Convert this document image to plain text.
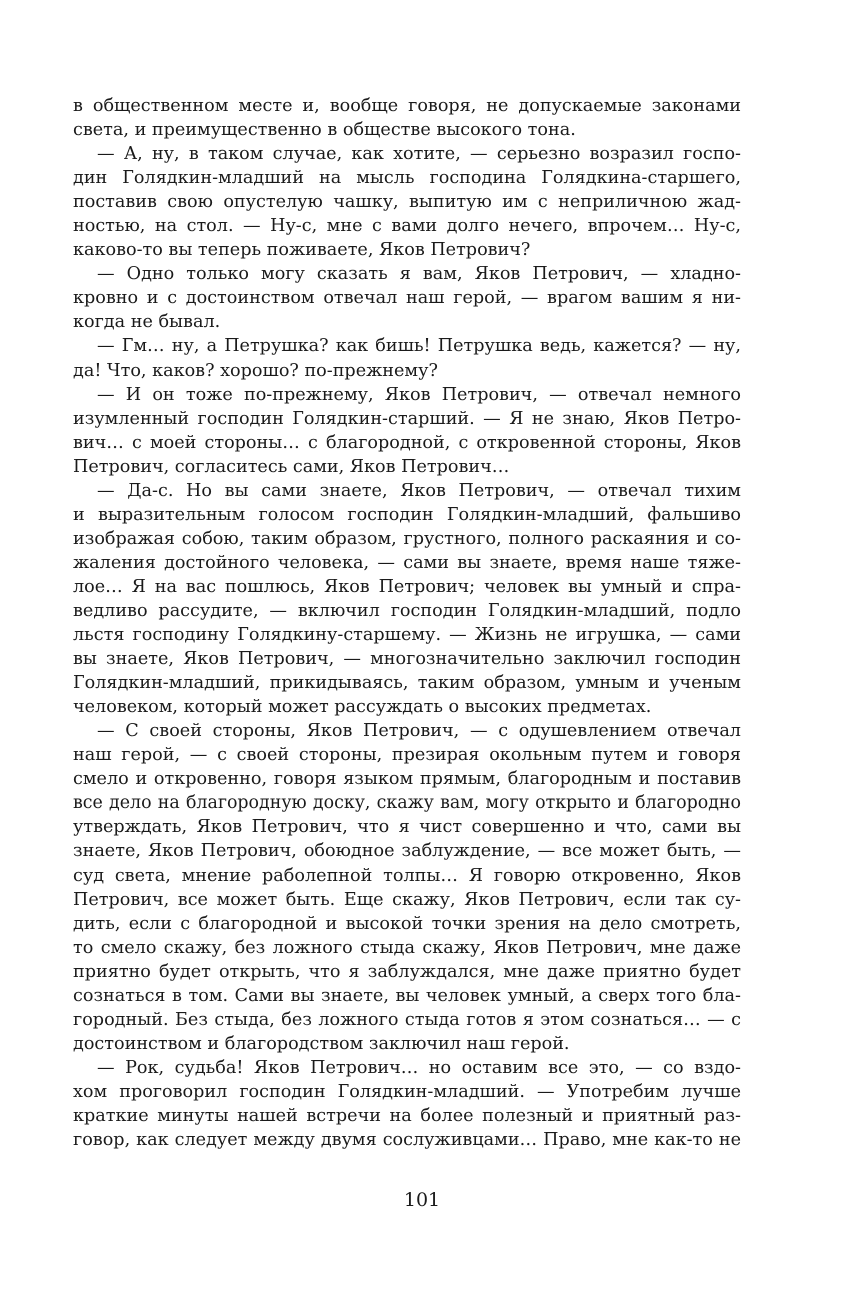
в общественном месте и, вообще говоря, не допускаемые законами
света, и преимущественно в обществе высокого тона.

— А, ну, в таком случае, как хотите, — серьезно возразил госпо-
дин Голядкин-младший на мысль господина Голядкина-старшего,
поставив свою опустелую чашку, выпитую им с неприличною жад-
ностью, на стол. — Ну-с, мне с вами долго нечего, впрочем… Ну-с,
каково-то вы теперь поживаете, Яков Петрович?

— Одно только могу сказать я вам, Яков Петрович, — хладно-
кровно и с достоинством отвечал наш герой, — врагом вашим я ни-
когда не бывал.

— Гм… ну, а Петрушка? как бишь! Петрушка ведь, кажется? — ну,
да! Что, каков? хорошо? по-прежнему?

— И он тоже по-прежнему, Яков Петрович, — отвечал немного
изумленный господин Голядкин-старший. — Я не знаю, Яков Петро-
вич… с моей стороны… с благородной, с откровенной стороны, Яков
Петрович, согласитесь сами, Яков Петрович…

— Да-с. Но вы сами знаете, Яков Петрович, — отвечал тихим
и выразительным голосом господин Голядкин-младший, фальшиво
изображая собою, таким образом, грустного, полного раскаяния и со-
жаления достойного человека, — сами вы знаете, время наше тяже-
лое… Я на вас пошлюсь, Яков Петрович; человек вы умный и спра-
ведливо рассудите, — включил господин Голядкин-младший, подло
льстя господину Голядкину-старшему. — Жизнь не игрушка, — сами
вы знаете, Яков Петрович, — многозначительно заключил господин
Голядкин-младший, прикидываясь, таким образом, умным и ученым
человеком, который может рассуждать о высоких предметах.

— С своей стороны, Яков Петрович, — с одушевлением отвечал
наш герой, — с своей стороны, презирая окольным путем и говоря
смело и откровенно, говоря языком прямым, благородным и поставив
все дело на благородную доску, скажу вам, могу открыто и благородно
утверждать, Яков Петрович, что я чист совершенно и что, сами вы
знаете, Яков Петрович, обоюдное заблуждение, — все может быть, —
суд света, мнение раболепной толпы… Я говорю откровенно, Яков
Петрович, все может быть. Еще скажу, Яков Петрович, если так су-
дить, если с благородной и высокой точки зрения на дело смотреть,
то смело скажу, без ложного стыда скажу, Яков Петрович, мне даже
приятно будет открыть, что я заблуждался, мне даже приятно будет
сознаться в том. Сами вы знаете, вы человек умный, а сверх того бла-
городный. Без стыда, без ложного стыда готов я этом сознаться… — с
достоинством и благородством заключил наш герой.

— Рок, судьба! Яков Петрович… но оставим все это, — со вздо-
хом проговорил господин Голядкин-младший. — Употребим лучше
краткие минуты нашей встречи на более полезный и приятный раз-
говор, как следует между двумя сослуживцами… Право, мне как-то не

101
